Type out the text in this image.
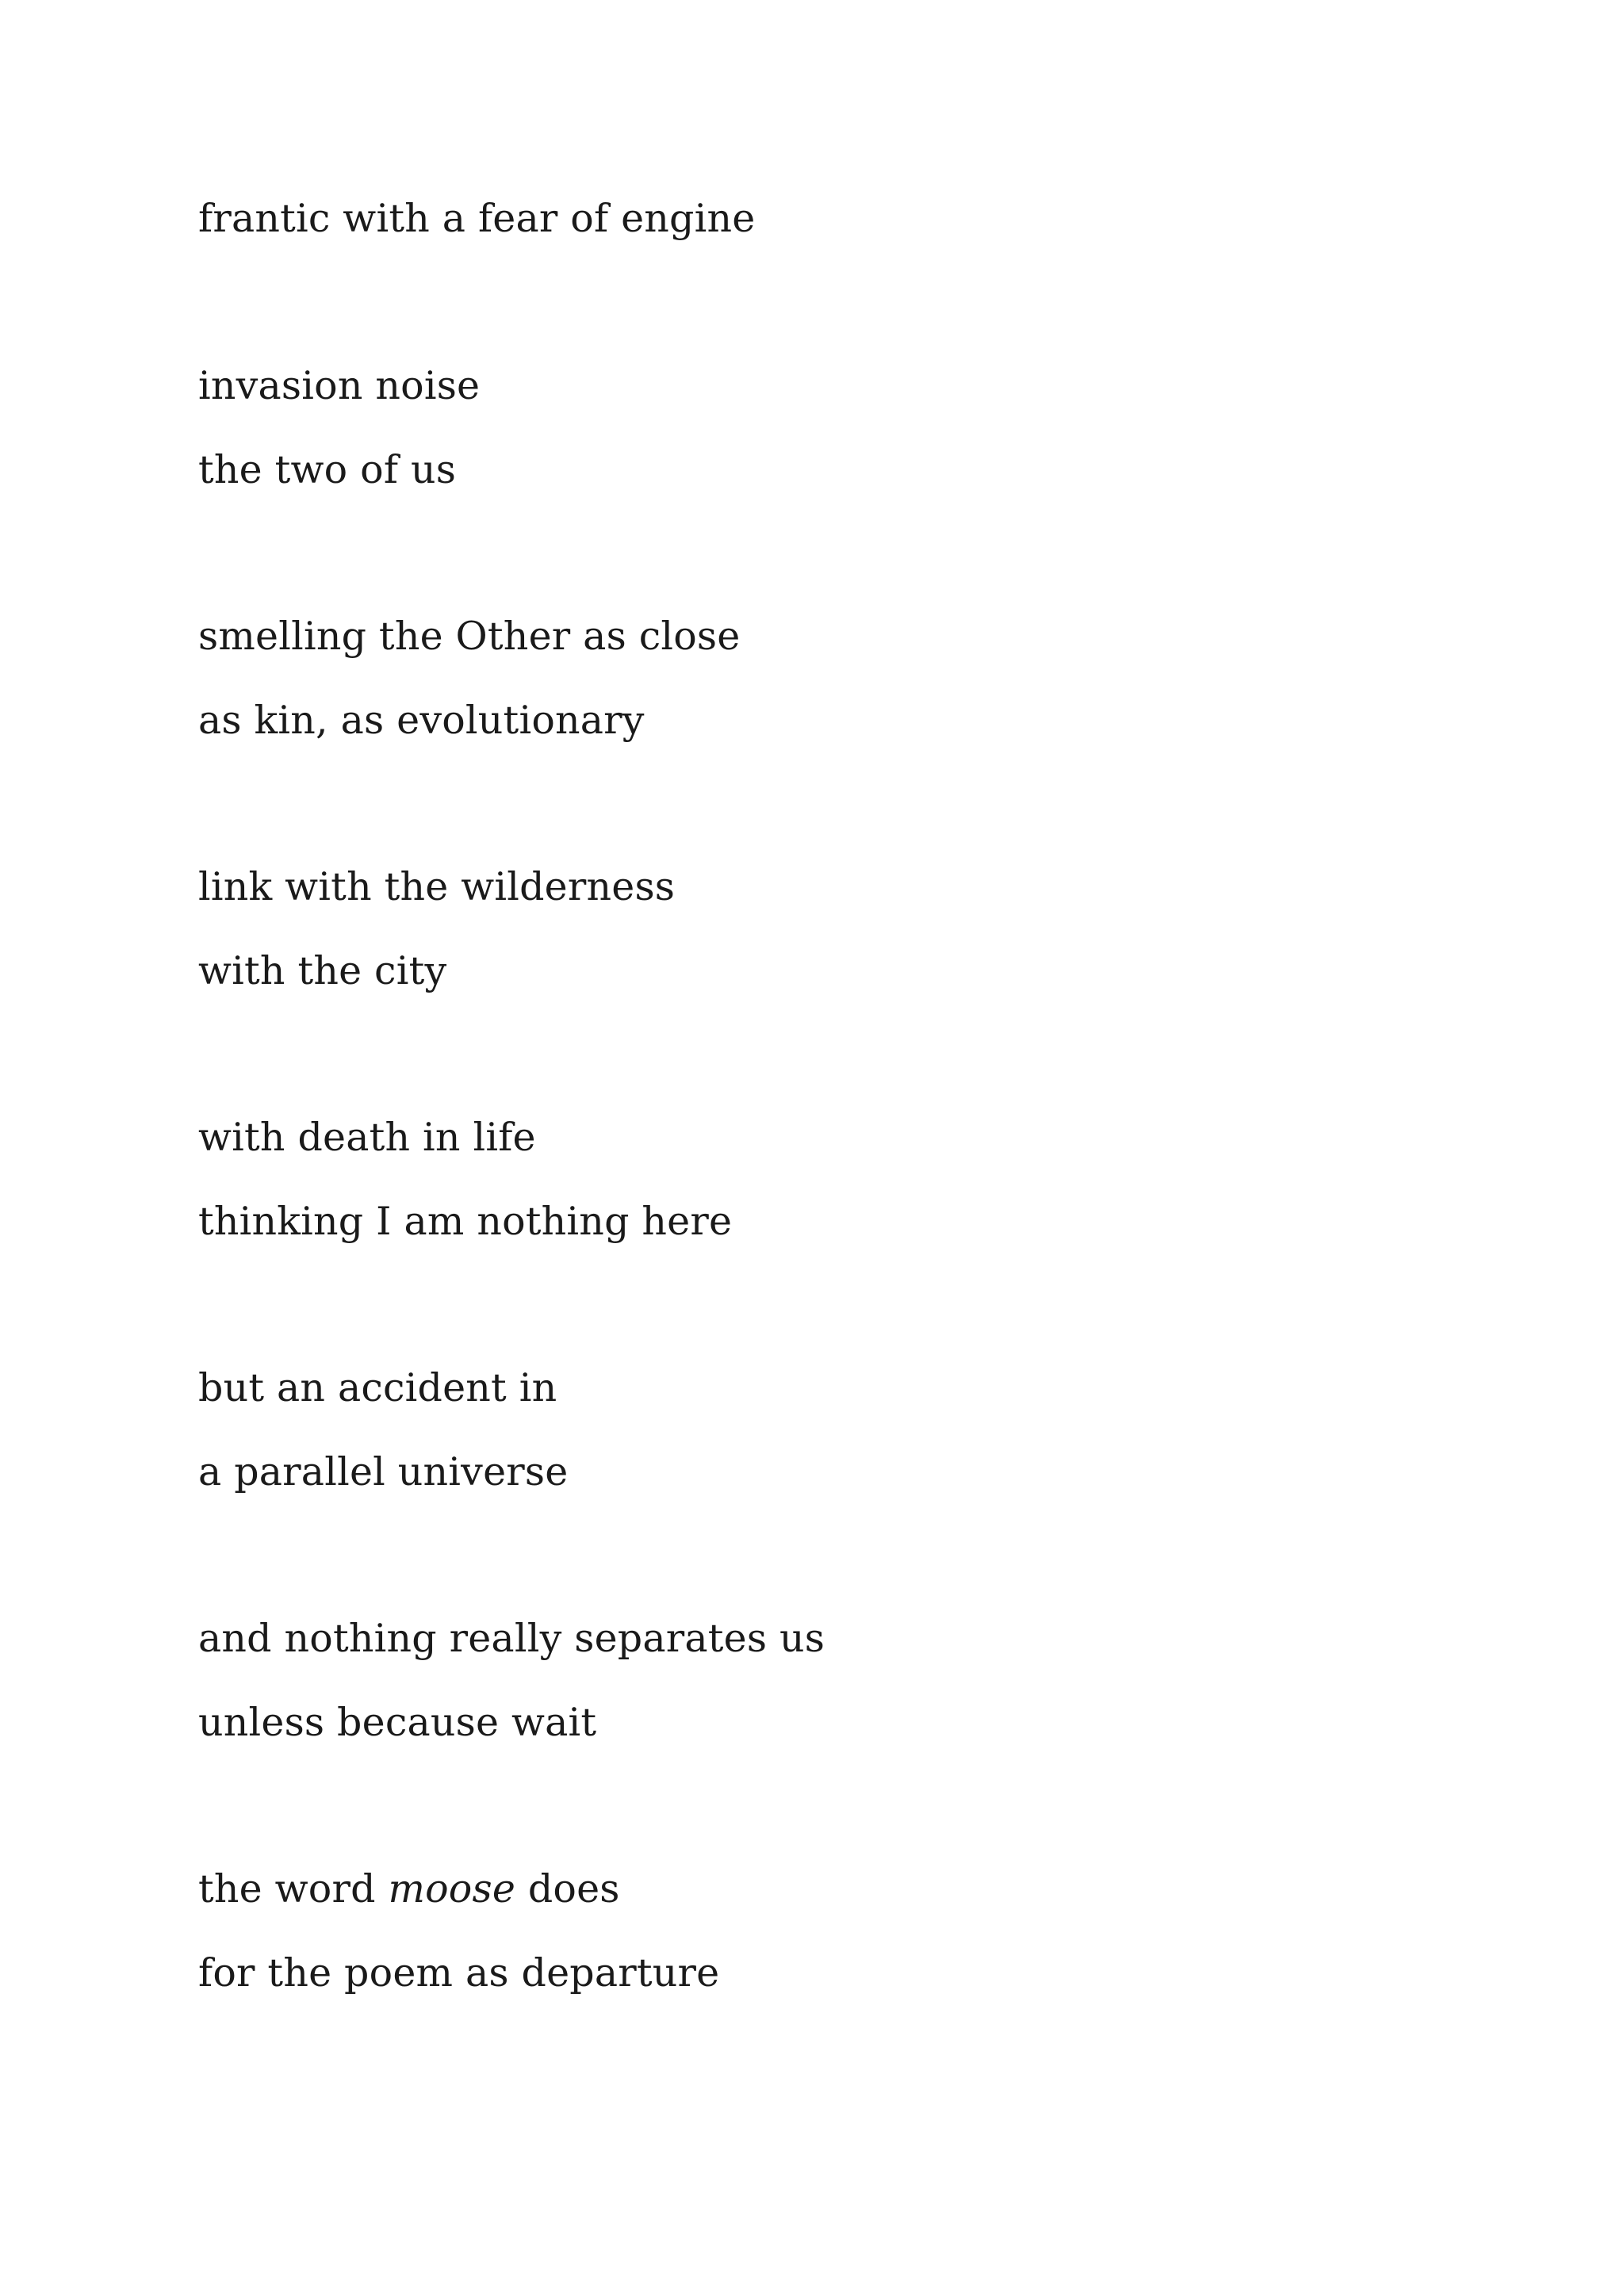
frantic with a fear of engine
invasion noise
the two of us
smelling the Other as close
as kin, as evolutionary
link with the wilderness
with the city
with death in life
thinking I am nothing here
but an accident in
a parallel universe
and nothing really separates us
unless because wait
the word moose does
for the poem as departure
